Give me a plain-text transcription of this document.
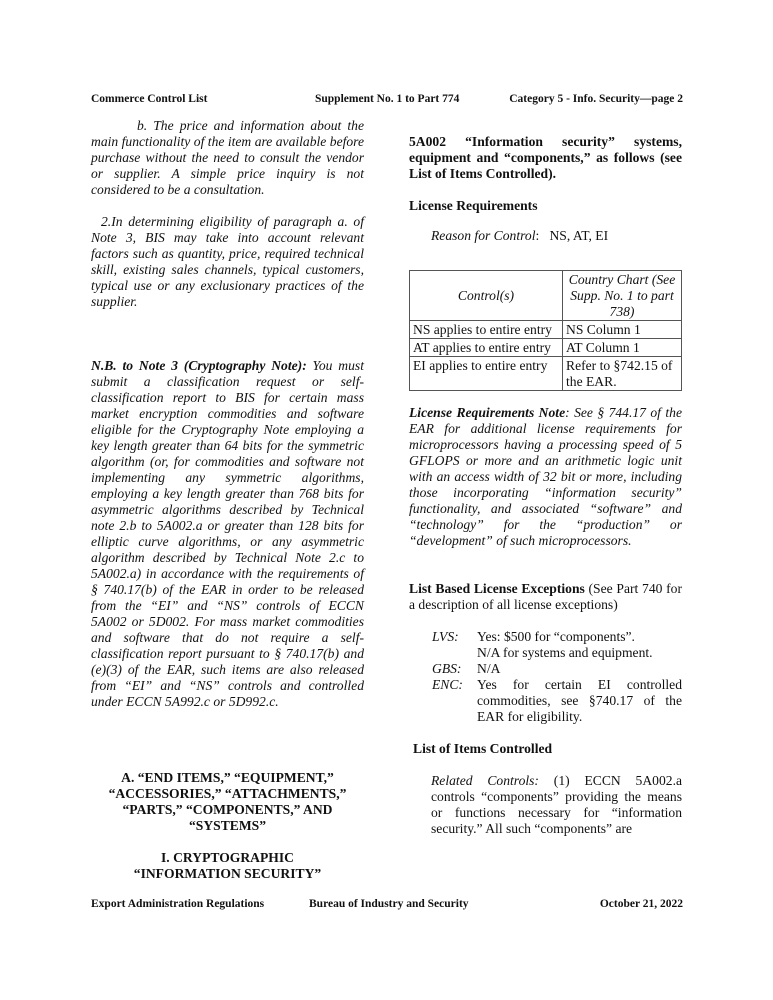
Commerce Control List	Supplement No. 1 to Part 774	Category 5 - Info. Security—page 2

b. The price and information about the main functionality of the item are available before purchase without the need to consult the vendor or supplier. A simple price inquiry is not considered to be a consultation.

2.In determining eligibility of paragraph a. of Note 3, BIS may take into account relevant factors such as quantity, price, required technical skill, existing sales channels, typical customers, typical use or any exclusionary practices of the supplier.

N.B. to Note 3 (Cryptography Note): You must submit a classification request or self-classification report to BIS for certain mass market encryption commodities and software eligible for the Cryptography Note employing a key length greater than 64 bits for the symmetric algorithm (or, for commodities and software not implementing any symmetric algorithms, employing a key length greater than 768 bits for asymmetric algorithms described by Technical note 2.b to 5A002.a or greater than 128 bits for elliptic curve algorithms, or any asymmetric algorithm described by Technical Note 2.c to 5A002.a) in accordance with the requirements of § 740.17(b) of the EAR in order to be released from the “EI” and “NS” controls of ECCN 5A002 or 5D002. For mass market commodities and software that do not require a self-classification report pursuant to § 740.17(b) and (e)(3) of the EAR, such items are also released from “EI” and “NS” controls and controlled under ECCN 5A992.c or 5D992.c.

A. “END ITEMS,” “EQUIPMENT,”
“ACCESSORIES,” “ATTACHMENTS,”
“PARTS,” “COMPONENTS,” AND
“SYSTEMS”
I. CRYPTOGRAPHIC
“INFORMATION SECURITY”

5A002 “Information security” systems, equipment and “components,” as follows (see List of Items Controlled).

License Requirements

Reason for Control: NS, AT, EI

Control(s)	Country Chart (See Supp. No. 1 to part 738)
NS applies to entire entry	NS Column 1
AT applies to entire entry	AT Column 1
EI applies to entire entry	Refer to §742.15 of the EAR.

License Requirements Note: See § 744.17 of the EAR for additional license requirements for microprocessors having a processing speed of 5 GFLOPS or more and an arithmetic logic unit with an access width of 32 bit or more, including those incorporating “information security” functionality, and associated “software” and “technology” for the “production” or “development” of such microprocessors.

List Based License Exceptions (See Part 740 for a description of all license exceptions)

LVS:	Yes: $500 for “components”.
N/A for systems and equipment.
GBS:	N/A
ENC:	Yes for certain EI controlled commodities, see §740.17 of the EAR for eligibility.

List of Items Controlled

Related Controls: (1) ECCN 5A002.a controls “components” providing the means or functions necessary for “information security.” All such “components” are

Export Administration Regulations	Bureau of Industry and Security	October 21, 2022
